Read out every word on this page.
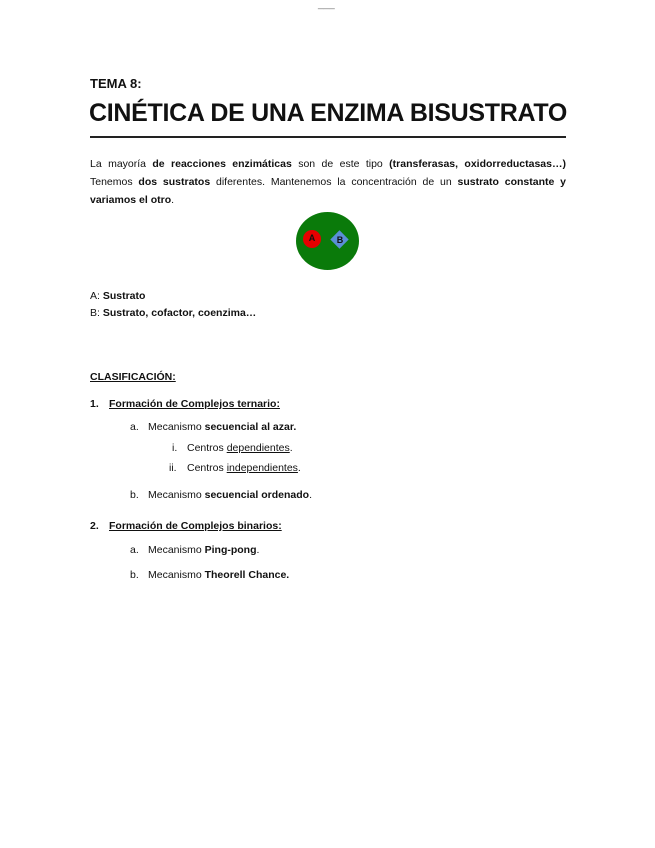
___
TEMA 8:
CINÉTICA DE UNA ENZIMA BISUSTRATO
La mayoría de reacciones enzimáticas son de este tipo (transferasas, oxidorreductasas…) Tenemos dos sustratos diferentes. Mantenemos la concentración de un sustrato constante y variamos el otro.
A	B
A: Sustrato
B: Sustrato, cofactor, coenzima…
CLASIFICACIÓN:
1. Formación de Complejos ternario:
a. Mecanismo secuencial al azar.
i. Centros dependientes.
ii. Centros independientes.
b. Mecanismo secuencial ordenado.
2. Formación de Complejos binarios:
a. Mecanismo Ping-pong.
b. Mecanismo Theorell Chance.
